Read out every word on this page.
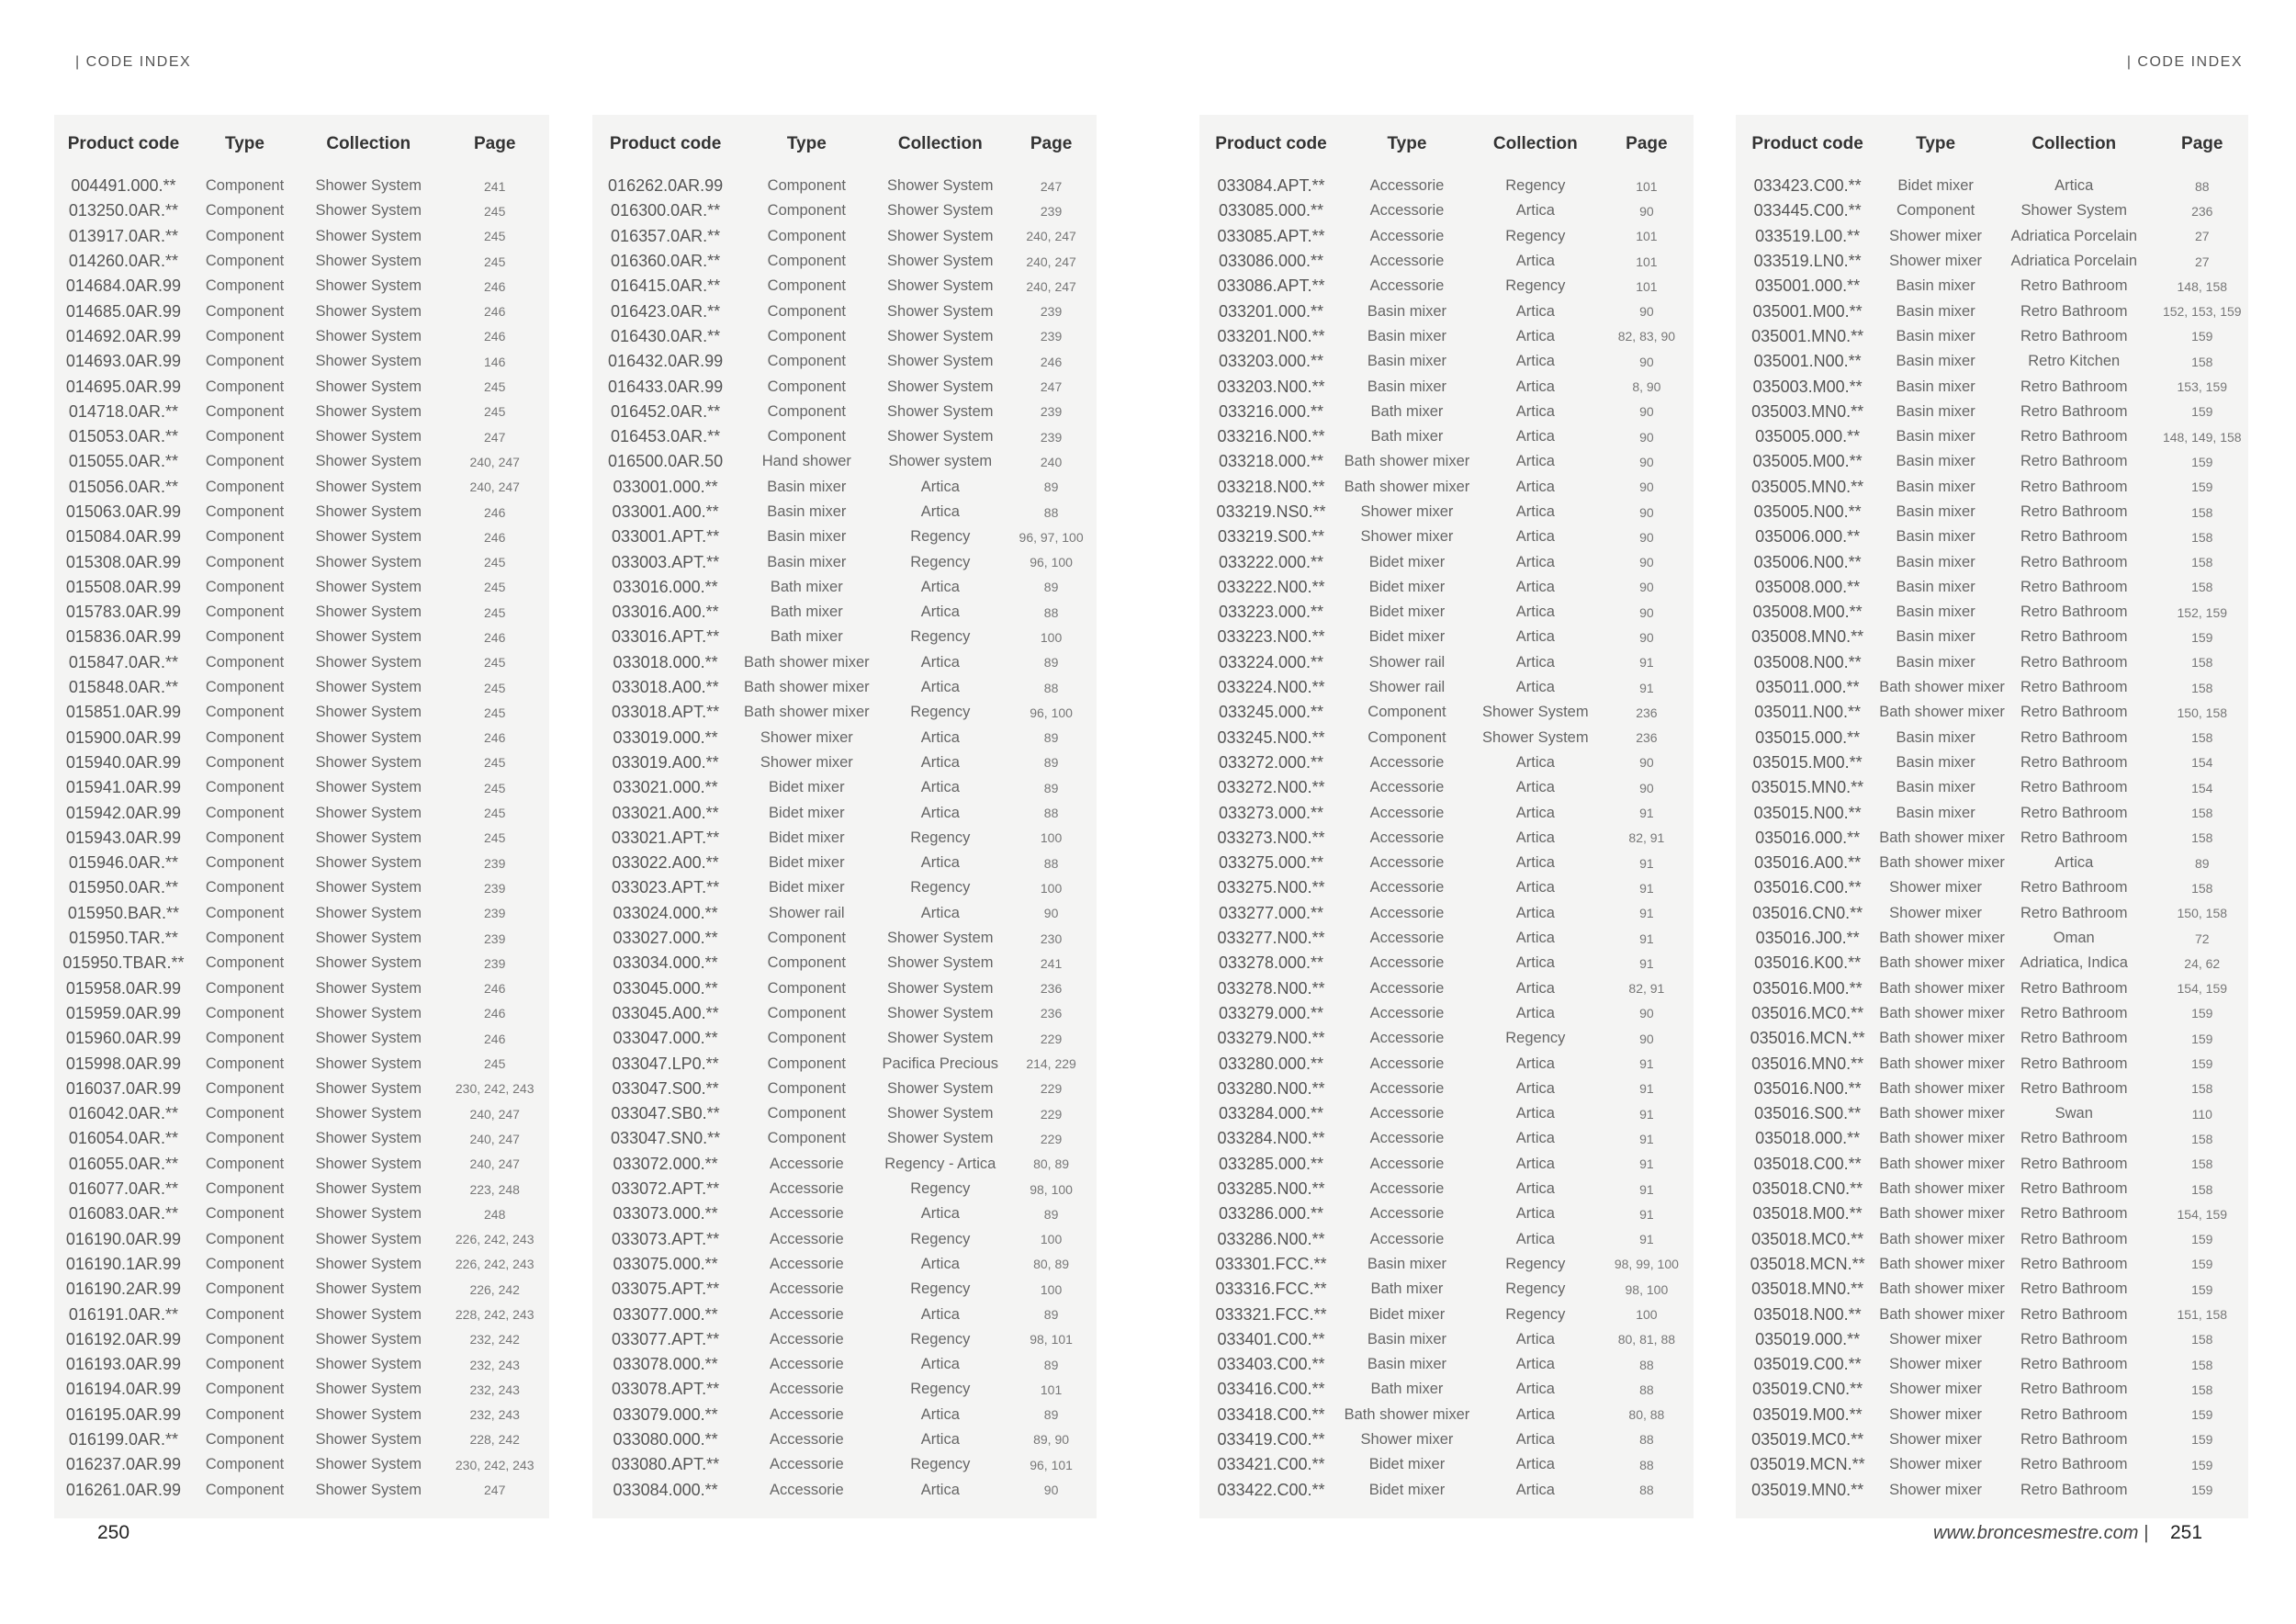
| CODE INDEX	| CODE INDEX
Product code	Type	Collection	Page
004491.000.**	Component	Shower System	241
013250.0AR.**	Component	Shower System	245
013917.0AR.**	Component	Shower System	245
014260.0AR.**	Component	Shower System	245
014684.0AR.99	Component	Shower System	246
014685.0AR.99	Component	Shower System	246
014692.0AR.99	Component	Shower System	246
014693.0AR.99	Component	Shower System	146
014695.0AR.99	Component	Shower System	245
014718.0AR.**	Component	Shower System	245
015053.0AR.**	Component	Shower System	247
015055.0AR.**	Component	Shower System	240, 247
015056.0AR.**	Component	Shower System	240, 247
015063.0AR.99	Component	Shower System	246
015084.0AR.99	Component	Shower System	246
015308.0AR.99	Component	Shower System	245
015508.0AR.99	Component	Shower System	245
015783.0AR.99	Component	Shower System	245
015836.0AR.99	Component	Shower System	246
015847.0AR.**	Component	Shower System	245
015848.0AR.**	Component	Shower System	245
015851.0AR.99	Component	Shower System	245
015900.0AR.99	Component	Shower System	246
015940.0AR.99	Component	Shower System	245
015941.0AR.99	Component	Shower System	245
015942.0AR.99	Component	Shower System	245
015943.0AR.99	Component	Shower System	245
015946.0AR.**	Component	Shower System	239
015950.0AR.**	Component	Shower System	239
015950.BAR.**	Component	Shower System	239
015950.TAR.**	Component	Shower System	239
015950.TBAR.**	Component	Shower System	239
015958.0AR.99	Component	Shower System	246
015959.0AR.99	Component	Shower System	246
015960.0AR.99	Component	Shower System	246
015998.0AR.99	Component	Shower System	245
016037.0AR.99	Component	Shower System	230, 242, 243
016042.0AR.**	Component	Shower System	240, 247
016054.0AR.**	Component	Shower System	240, 247
016055.0AR.**	Component	Shower System	240, 247
016077.0AR.**	Component	Shower System	223, 248
016083.0AR.**	Component	Shower System	248
016190.0AR.99	Component	Shower System	226, 242, 243
016190.1AR.99	Component	Shower System	226, 242, 243
016190.2AR.99	Component	Shower System	226, 242
016191.0AR.**	Component	Shower System	228, 242, 243
016192.0AR.99	Component	Shower System	232, 242
016193.0AR.99	Component	Shower System	232, 243
016194.0AR.99	Component	Shower System	232, 243
016195.0AR.99	Component	Shower System	232, 243
016199.0AR.**	Component	Shower System	228, 242
016237.0AR.99	Component	Shower System	230, 242, 243
016261.0AR.99	Component	Shower System	247
Product code	Type	Collection	Page
016262.0AR.99	Component	Shower System	247
016300.0AR.**	Component	Shower System	239
016357.0AR.**	Component	Shower System	240, 247
016360.0AR.**	Component	Shower System	240, 247
016415.0AR.**	Component	Shower System	240, 247
016423.0AR.**	Component	Shower System	239
016430.0AR.**	Component	Shower System	239
016432.0AR.99	Component	Shower System	246
016433.0AR.99	Component	Shower System	247
016452.0AR.**	Component	Shower System	239
016453.0AR.**	Component	Shower System	239
016500.0AR.50	Hand shower	Shower system	240
033001.000.**	Basin mixer	Artica	89
033001.A00.**	Basin mixer	Artica	88
033001.APT.**	Basin mixer	Regency	96, 97, 100
033003.APT.**	Basin mixer	Regency	96, 100
033016.000.**	Bath mixer	Artica	89
033016.A00.**	Bath mixer	Artica	88
033016.APT.**	Bath mixer	Regency	100
033018.000.**	Bath shower mixer	Artica	89
033018.A00.**	Bath shower mixer	Artica	88
033018.APT.**	Bath shower mixer	Regency	96, 100
033019.000.**	Shower mixer	Artica	89
033019.A00.**	Shower mixer	Artica	89
033021.000.**	Bidet mixer	Artica	89
033021.A00.**	Bidet mixer	Artica	88
033021.APT.**	Bidet mixer	Regency	100
033022.A00.**	Bidet mixer	Artica	88
033023.APT.**	Bidet mixer	Regency	100
033024.000.**	Shower rail	Artica	90
033027.000.**	Component	Shower System	230
033034.000.**	Component	Shower System	241
033045.000.**	Component	Shower System	236
033045.A00.**	Component	Shower System	236
033047.000.**	Component	Shower System	229
033047.LP0.**	Component	Pacifica Precious	214, 229
033047.S00.**	Component	Shower System	229
033047.SB0.**	Component	Shower System	229
033047.SN0.**	Component	Shower System	229
033072.000.**	Accessorie	Regency - Artica	80, 89
033072.APT.**	Accessorie	Regency	98, 100
033073.000.**	Accessorie	Artica	89
033073.APT.**	Accessorie	Regency	100
033075.000.**	Accessorie	Artica	80, 89
033075.APT.**	Accessorie	Regency	100
033077.000.**	Accessorie	Artica	89
033077.APT.**	Accessorie	Regency	98, 101
033078.000.**	Accessorie	Artica	89
033078.APT.**	Accessorie	Regency	101
033079.000.**	Accessorie	Artica	89
033080.000.**	Accessorie	Artica	89, 90
033080.APT.**	Accessorie	Regency	96, 101
033084.000.**	Accessorie	Artica	90
Product code	Type	Collection	Page
033084.APT.**	Accessorie	Regency	101
033085.000.**	Accessorie	Artica	90
033085.APT.**	Accessorie	Regency	101
033086.000.**	Accessorie	Artica	101
033086.APT.**	Accessorie	Regency	101
033201.000.**	Basin mixer	Artica	90
033201.N00.**	Basin mixer	Artica	82, 83, 90
033203.000.**	Basin mixer	Artica	90
033203.N00.**	Basin mixer	Artica	8, 90
033216.000.**	Bath mixer	Artica	90
033216.N00.**	Bath mixer	Artica	90
033218.000.**	Bath shower mixer	Artica	90
033218.N00.**	Bath shower mixer	Artica	90
033219.NS0.**	Shower mixer	Artica	90
033219.S00.**	Shower mixer	Artica	90
033222.000.**	Bidet mixer	Artica	90
033222.N00.**	Bidet mixer	Artica	90
033223.000.**	Bidet mixer	Artica	90
033223.N00.**	Bidet mixer	Artica	90
033224.000.**	Shower rail	Artica	91
033224.N00.**	Shower rail	Artica	91
033245.000.**	Component	Shower System	236
033245.N00.**	Component	Shower System	236
033272.000.**	Accessorie	Artica	90
033272.N00.**	Accessorie	Artica	90
033273.000.**	Accessorie	Artica	91
033273.N00.**	Accessorie	Artica	82, 91
033275.000.**	Accessorie	Artica	91
033275.N00.**	Accessorie	Artica	91
033277.000.**	Accessorie	Artica	91
033277.N00.**	Accessorie	Artica	91
033278.000.**	Accessorie	Artica	91
033278.N00.**	Accessorie	Artica	82, 91
033279.000.**	Accessorie	Artica	90
033279.N00.**	Accessorie	Regency	90
033280.000.**	Accessorie	Artica	91
033280.N00.**	Accessorie	Artica	91
033284.000.**	Accessorie	Artica	91
033284.N00.**	Accessorie	Artica	91
033285.000.**	Accessorie	Artica	91
033285.N00.**	Accessorie	Artica	91
033286.000.**	Accessorie	Artica	91
033286.N00.**	Accessorie	Artica	91
033301.FCC.**	Basin mixer	Regency	98, 99, 100
033316.FCC.**	Bath mixer	Regency	98, 100
033321.FCC.**	Bidet mixer	Regency	100
033401.C00.**	Basin mixer	Artica	80, 81, 88
033403.C00.**	Basin mixer	Artica	88
033416.C00.**	Bath mixer	Artica	88
033418.C00.**	Bath shower mixer	Artica	80, 88
033419.C00.**	Shower mixer	Artica	88
033421.C00.**	Bidet mixer	Artica	88
033422.C00.**	Bidet mixer	Artica	88
Product code	Type	Collection	Page
033423.C00.**	Bidet mixer	Artica	88
033445.C00.**	Component	Shower System	236
033519.L00.**	Shower mixer	Adriatica Porcelain	27
033519.LN0.**	Shower mixer	Adriatica Porcelain	27
035001.000.**	Basin mixer	Retro Bathroom	148, 158
035001.M00.**	Basin mixer	Retro Bathroom	152, 153, 159
035001.MN0.**	Basin mixer	Retro Bathroom	159
035001.N00.**	Basin mixer	Retro Kitchen	158
035003.M00.**	Basin mixer	Retro Bathroom	153, 159
035003.MN0.**	Basin mixer	Retro Bathroom	159
035005.000.**	Basin mixer	Retro Bathroom	148, 149, 158
035005.M00.**	Basin mixer	Retro Bathroom	159
035005.MN0.**	Basin mixer	Retro Bathroom	159
035005.N00.**	Basin mixer	Retro Bathroom	158
035006.000.**	Basin mixer	Retro Bathroom	158
035006.N00.**	Basin mixer	Retro Bathroom	158
035008.000.**	Basin mixer	Retro Bathroom	158
035008.M00.**	Basin mixer	Retro Bathroom	152, 159
035008.MN0.**	Basin mixer	Retro Bathroom	159
035008.N00.**	Basin mixer	Retro Bathroom	158
035011.000.**	Bath shower mixer	Retro Bathroom	158
035011.N00.**	Bath shower mixer	Retro Bathroom	150, 158
035015.000.**	Basin mixer	Retro Bathroom	158
035015.M00.**	Basin mixer	Retro Bathroom	154
035015.MN0.**	Basin mixer	Retro Bathroom	154
035015.N00.**	Basin mixer	Retro Bathroom	158
035016.000.**	Bath shower mixer	Retro Bathroom	158
035016.A00.**	Bath shower mixer	Artica	89
035016.C00.**	Shower mixer	Retro Bathroom	158
035016.CN0.**	Shower mixer	Retro Bathroom	150, 158
035016.J00.**	Bath shower mixer	Oman	72
035016.K00.**	Bath shower mixer	Adriatica, Indica	24, 62
035016.M00.**	Bath shower mixer	Retro Bathroom	154, 159
035016.MC0.**	Bath shower mixer	Retro Bathroom	159
035016.MCN.**	Bath shower mixer	Retro Bathroom	159
035016.MN0.**	Bath shower mixer	Retro Bathroom	159
035016.N00.**	Bath shower mixer	Retro Bathroom	158
035016.S00.**	Bath shower mixer	Swan	110
035018.000.**	Bath shower mixer	Retro Bathroom	158
035018.C00.**	Bath shower mixer	Retro Bathroom	158
035018.CN0.**	Bath shower mixer	Retro Bathroom	158
035018.M00.**	Bath shower mixer	Retro Bathroom	154, 159
035018.MC0.**	Bath shower mixer	Retro Bathroom	159
035018.MCN.**	Bath shower mixer	Retro Bathroom	159
035018.MN0.**	Bath shower mixer	Retro Bathroom	159
035018.N00.**	Bath shower mixer	Retro Bathroom	151, 158
035019.000.**	Shower mixer	Retro Bathroom	158
035019.C00.**	Shower mixer	Retro Bathroom	158
035019.CN0.**	Shower mixer	Retro Bathroom	158
035019.M00.**	Shower mixer	Retro Bathroom	159
035019.MC0.**	Shower mixer	Retro Bathroom	159
035019.MCN.**	Shower mixer	Retro Bathroom	159
035019.MN0.**	Shower mixer	Retro Bathroom	159
250	www.broncesmestre.com | 251
